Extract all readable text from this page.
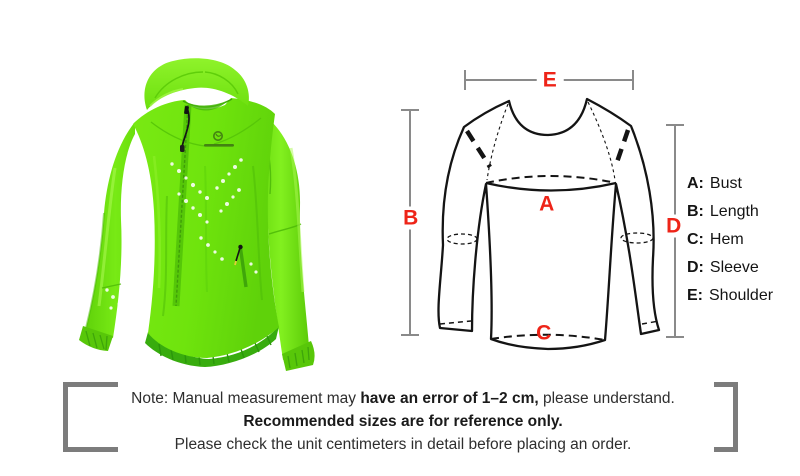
A
B
C
D
E
A: Bust
B: Length
C: Hem
D: Sleeve
E: Shoulder
Note: Manual measurement may have an error of 1–2 cm, please understand.
Recommended sizes are for reference only.
Please check the unit centimeters in detail before placing an order.
